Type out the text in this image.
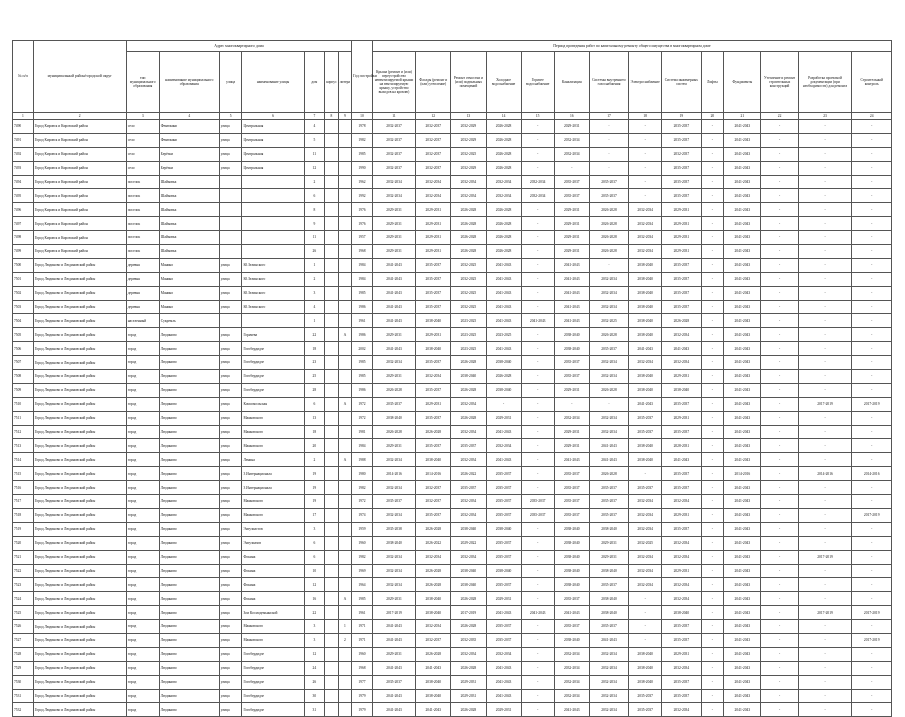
№ п/п	муниципальный район/городской округ	Адрес многоквартирного дома							Год постройки	Период проведения работ по капитальному ремонту общего имущества в многоквартирном доме													
		тип муниципального образования	наименование муниципального образования	улица	наименование улицы	дом	корпус	литера		Крыша (ремонт и (или) переустройство невентилируемой крыши на вентилируемую крышу, устройство выходов на кровлю)	Фасады (ремонт и (или) утепление)	Ремонт отмостки и (или) подвальных помещений	Холодное водоснабжение	Горячее водоснабжение	Канализация	Системы внутреннего газоснабжения	Электроснабжение	Система инженерных систем	Лифты	Фундаменты	Утепление и ремонт строительных конструкций	Разработка проектной документации (при необходимости) для ремонта	Строительный контроль
1	2	3	4	5	6	7	8	9	10	11	12	13	14	15	16	17	18	19	20	21	22	23	24
7490	Город Кировск и Кировский район	село	Фенюкино	улица	Центральная	4			1978	2032-2037	2032-2037	2032-2029	2026-2028	-	2029-2031	-	-	2035-2037	-	2041-2043	-	-	-
7491	Город Кировск и Кировский район	село	Фенюкино	улица	Центральная	5			1982	2032-2037	2032-2037	2032-2029	2026-2028	-	2032-2034	-	-	2035-2037	-	2041-2043	-	-	-
7492	Город Кировск и Кировский район	село	Берёзки	улица	Центральная	11			1985	2032-2037	2032-2037	2032-2025	2026-2028	-	2032-2034	-	-	2032-2037	-	2041-2043	-	-	-
7493	Город Кировск и Кировский район	село	Берёзки	улица	Центральная	12			1990	2032-2037	2032-2037	2032-2029	2026-2028	-	-	-	-	2035-2037	-	2041-2043	-	-	-
7494	Город Кировск и Кировский район	поселок	Шайковка			2			1962	2032-2034	2032-2034	2032-2034	2032-2034	2032-2034	2035-2037	2035-2037	-	2035-2037	-	2041-2043	-	-	-
7495	Город Кировск и Кировский район	поселок	Шайковка			6			1992	2032-2034	2032-2034	2032-2034	2032-2034	2032-2034	2035-2037	2035-2037	-	2035-2037	-	2041-2043	-	-	-
7496	Город Кировск и Кировский район	поселок	Шайковка			8			1976	2029-2031	2029-2031	2026-2028	2026-2028	-	2029-2031	2026-2028	2032-2034	2029-2031	-	2041-2043	-	-	-
7497	Город Кировск и Кировский район	поселок	Шайковка			9			1976	2029-2031	2029-2031	2026-2028	2026-2028	-	2029-2031	2026-2028	2032-2034	2029-2031	-	2041-2043	-	-	-
7498	Город Кировск и Кировский район	поселок	Шайковка			11			1957	2029-2031	2029-2031	2026-2028	2026-2028	-	2029-2031	2026-2028	2032-2034	2029-2031	-	2041-2043	-	-	-
7499	Город Кировск и Кировский район	поселок	Шайковка			26			1968	2029-2031	2029-2031	2026-2028	2026-2028	-	2029-2031	2026-2028	2032-2034	2029-2031	-	2041-2043	-	-	-
7500	Город Людиново и Людиновский район	деревня	Манино	улица	Ю.Зелинского	1			1984	2041-2043	2035-2037	2032-2025	2041-2043	-	2041-2043	-	2038-2040	2035-2037	-	2041-2043	-	-	-
7501	Город Людиново и Людиновский район	деревня	Манино	улица	Ю.Зелинского	2			1984	2041-2043	2035-2037	2032-2025	2041-2043	-	2041-2043	2032-2034	2038-2040	2035-2037	-	2041-2043	-	-	-
7502	Город Людиново и Людиновский район	деревня	Манино	улица	Ю.Зелинского	3			1985	2041-2043	2035-2037	2032-2025	2041-2043	-	2041-2043	2032-2034	2038-2040	2035-2037	-	2041-2043	-	-	-
7503	Город Людиново и Людиновский район	деревня	Манино	улица	Ю.Зелинского	4			1986	2041-2043	2035-2037	2032-2025	2041-2043	-	2041-2043	2032-2034	2038-2040	2035-2037	-	2041-2043	-	-	-
7504	Город Людиново и Людиновский район	населенный	Сукремль			1			1961	2041-2043	2038-2040	2023-2025	2041-2043	2041-2043	2041-2043	2032-2025	2038-2040	2026-2028	-	2041-2043	-	-	-
7505	Город Людиново и Людиновский район	город	Людиново	улица	Горячева	22		А	1986	2029-2031	2029-2031	2023-2025	2023-2025	-	2038-2040	2026-2028	2038-2040	2032-2034	-	2041-2043	-	-	-
7506	Город Людиново и Людиновский район	город	Людиново	улица	Гогобердидзе	18			2002	2041-2043	2038-2040	2023-2025	2041-2043	-	2038-2040	2035-2037	2041-2043	2041-2043	-	2041-2043	-	-	-
7507	Город Людиново и Людиновский район	город	Людиново	улица	Гогобердидзе	23			1985	2032-2034	2035-2037	2026-2028	2038-2040	-	2035-2037	2032-2034	2032-2034	2032-2034	-	2041-2043	-	-	-
7508	Город Людиново и Людиновский район	город	Людиново	улица	Гогобердидзе	25			1985	2029-2031	2032-2034	2038-2040	2026-2028	-	2035-2037	2032-2034	2038-2040	2029-2031	-	2041-2043	-	-	-
7509	Город Людиново и Людиновский район	город	Людиново	улица	Гогобердидзе	28			1986	2026-2028	2035-2037	2026-2028	2038-2040	-	2029-2031	2026-2028	2038-2040	2038-2040	-	2041-2043	-	-	-
7510	Город Людиново и Людиновский район	город	Людиново	улица	Комсомольская	6		А	1972	2035-2037	2029-2031	2032-2034	-	-	-	-	2041-2043	2035-2037	-	2041-2043	-	2017-2019	2017-2019
7511	Город Людиново и Людиновский район	город	Людиново	улица	Маяковского	13			1972	2038-2040	2035-2037	2026-2028	2029-2031	-	2032-2034	2032-2034	2035-2037	2029-2031	-	2041-2043	-	-	-
7512	Город Людиново и Людиновский район	город	Людиново	улица	Маяковского	18			1981	2026-2028	2026-2028	2032-2034	2041-2043	-	2029-2031	2032-2034	2035-2037	2035-2037	-	2041-2043	-	-	-
7513	Город Людиново и Людиновский район	город	Людиново	улица	Маяковского	20			1984	2029-2031	2035-2037	2035-2037	2032-2034	-	2029-2031	2041-2043	2038-2040	2028-2031	-	2041-2043	-	-	-
7514	Город Людиново и Людиновский район	город	Людиново	улица	Ленина	2		А	1988	2032-2034	2038-2040	2032-2034	2041-2043	-	2041-2043	2041-2043	2038-2040	2041-2043	-	2041-2043	-	-	-
7515	Город Людиново и Людиновский район	город	Людиново	улица	3 Интернационала	19			1980	2014-2016	2014-2016	2026-2022	2035-2037	-	2035-2037	2026-2028	-	2035-2037	-	2014-2016	-	2014-2016	2014-2016
7516	Город Людиново и Людиновский район	город	Людиново	улица	3 Интернационала	19			1982	2032-2034	2032-2037	2035-2037	2035-2037	-	2035-2037	2035-2037	2035-2037	2035-2037	-	2041-2043	-	-	-
7517	Город Людиново и Людиновский район	город	Людиново	улица	Маяковского	19			1972	2035-2037	2032-2037	2032-2034	2035-2037	2035-2037	2035-2037	2035-2037	2032-2034	2032-2034	-	2041-2043	-	-	-
7518	Город Людиново и Людиновский район	город	Людиново	улица	Маяковского	17			1974	2032-2034	2035-2037	2032-2034	2035-2037	2035-2037	2035-2037	2035-2037	2032-2034	2029-2031	-	2041-2043	-	-	2017-2019
7519	Город Людиново и Людиновский район	город	Людиново	улица	Энтузиастов	3			1959	2035-2038	2026-2028	2038-2040	2038-2040	-	2038-2040	2038-2040	2032-2034	2035-2037	-	2041-2043	-	-	-
7520	Город Людиново и Людиновский район	город	Людиново	улица	Энтузиазов	6			1960	2038-2040	2026-2022	2029-2022	2035-2037	-	2038-2040	2029-2031	2032-2025	2032-2034	-	2041-2043	-	-	-
7521	Город Людиново и Людиновский район	город	Людиново	улица	Фокина	6			1982	2032-2034	2032-2034	2032-2034	2035-2037	-	2038-2040	2029-2031	2032-2034	2032-2034	-	2041-2043	-	2017-2019	-
7522	Город Людиново и Людиновский район	город	Людиново	улица	Фокина	10			1969	2032-2034	2026-2028	2038-2040	2038-2040	-	2038-2040	2038-2040	2032-2034	2029-2031	-	2041-2043	-	-	-
7523	Город Людиново и Людиновский район	город	Людиново	улица	Фокина	12			1964	2032-2034	2026-2028	2038-2040	2035-2037	-	2038-2040	2035-2037	2032-2034	2032-2034	-	2041-2043	-	-	-
7524	Город Людиново и Людиновский район	город	Людиново	улица	Фокина	16		А	1985	2029-2031	2038-2040	2026-2028	2029-2031	-	2035-2037	2038-2040	-	2032-2034	-	2041-2043	-	-	-
7525	Город Людиново и Людиновский район	город	Людиново	улица	Зои Космодемьянской	22			1961	2017-2019	2038-2040	2017-2019	2041-2043	2041-2043	2041-2043	2038-2040	-	2038-2040	-	2041-2043	-	2017-2019	2017-2019
7526	Город Людиново и Людиновский район	город	Людиново	улица	Маяковского	3		1	1971	2041-2043	2032-2034	2026-2028	2035-2037	-	2035-2037	2035-2037	-	2035-2037	-	2041-2043	-	-	-
7527	Город Людиново и Людиновский район	город	Людиново	улица	Маяковского	3		2	1971	2041-2043	2032-2037	2032-2035	2035-2037	-	2038-2040	2041-2043	-	2035-2037	-	2041-2043	-	-	2017-2019
7528	Город Людиново и Людиновский район	город	Людиново	улица	Гогобердидзе	12			1960	2029-2031	2026-2028	2032-2034	2032-2034	-	2032-2034	2032-2034	2038-2040	2029-2031	-	2041-2043	-	-	-
7529	Город Людиново и Людиновский район	город	Людиново	улица	Гогобердидзе	24			1968	2041-2043	2041-2043	2026-2028	2041-2043	-	2032-2034	2032-2034	2038-2040	2032-2034	-	2041-2043	-	-	-
7530	Город Людиново и Людиновский район	город	Людиново	улица	Гогобердидзе	26			1977	2035-2037	2038-2040	2029-2031	2041-2043	-	2032-2034	2032-2034	2038-2040	2035-2037	-	2041-2043	-	-	-
7531	Город Людиново и Людиновский район	город	Людиново	улица	Гогобердидзе	30			1979	2041-2043	2038-2040	2029-2031	2041-2043	-	2032-2034	2032-2034	2035-2037	2035-2037	-	2041-2043	-	-	-
7532	Город Людиново и Людиновский район	город	Людиново	улица	Гогобердидзе	31			1979	2041-2043	2041-2043	2026-2028	2029-2031	-	2041-2043	2032-2034	2035-2037	2032-2034	-	2041-2043	-	-	-
